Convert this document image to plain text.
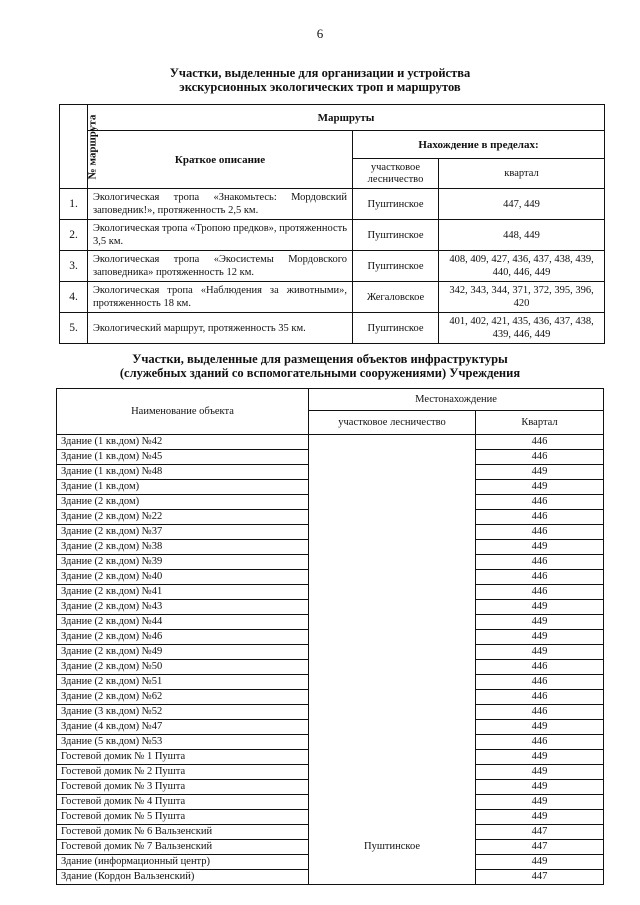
6
Участки, выделенные для организации и устройства
экскурсионных экологических троп и маршрутов
№ маршрута	Маршруты		
	Краткое описание	Нахождение в пределах:	
		участковое лесничество	квартал
1.	Экологическая тропа «Знакомьтесь: Мордовский заповедник!», протяженность 2,5 км.	Пуштинское	447, 449
2.	Экологическая тропа «Тропою предков», протяженность 3,5 км.	Пуштинское	448, 449
3.	Экологическая тропа «Экосистемы Мордовского заповедника» протяженность 12 км.	Пуштинское	408, 409, 427, 436, 437, 438, 439, 440, 446, 449
4.	Экологическая тропа «Наблюдения за животными», протяженность 18 км.	Жегаловское	342, 343, 344, 371, 372, 395, 396, 420
5.	Экологический маршрут, протяженность 35 км.	Пуштинское	401, 402, 421, 435, 436, 437, 438, 439, 446, 449
Участки, выделенные для размещения объектов инфраструктуры
(служебных зданий со вспомогательными сооружениями) Учреждения
Наименование объекта	Местонахождение	
	участковое лесничество	Квартал
Здание (1 кв.дом) №42	Пуштинское	446
Здание (1 кв.дом) №45		446
Здание (1 кв.дом) №48		449
Здание (1 кв.дом)		449
Здание (2 кв.дом)		446
Здание (2 кв.дом) №22		446
Здание (2 кв.дом) №37		446
Здание (2 кв.дом) №38		449
Здание (2 кв.дом) №39		446
Здание (2 кв.дом) №40		446
Здание (2 кв.дом) №41		446
Здание (2 кв.дом) №43		449
Здание (2 кв.дом) №44		449
Здание (2 кв.дом) №46		449
Здание (2 кв.дом) №49		449
Здание (2 кв.дом) №50		446
Здание (2 кв.дом) №51		446
Здание (2 кв.дом) №62		446
Здание (3 кв.дом) №52		446
Здание (4 кв.дом) №47		449
Здание (5 кв.дом) №53		446
Гостевой домик № 1 Пушта		449
Гостевой домик № 2 Пушта		449
Гостевой домик № 3 Пушта		449
Гостевой домик № 4 Пушта		449
Гостевой домик № 5 Пушта		449
Гостевой домик № 6 Вальзенский		447
Гостевой домик № 7 Вальзенский		447
Здание (информационный центр)		449
Здание (Кордон Вальзенский)		447
